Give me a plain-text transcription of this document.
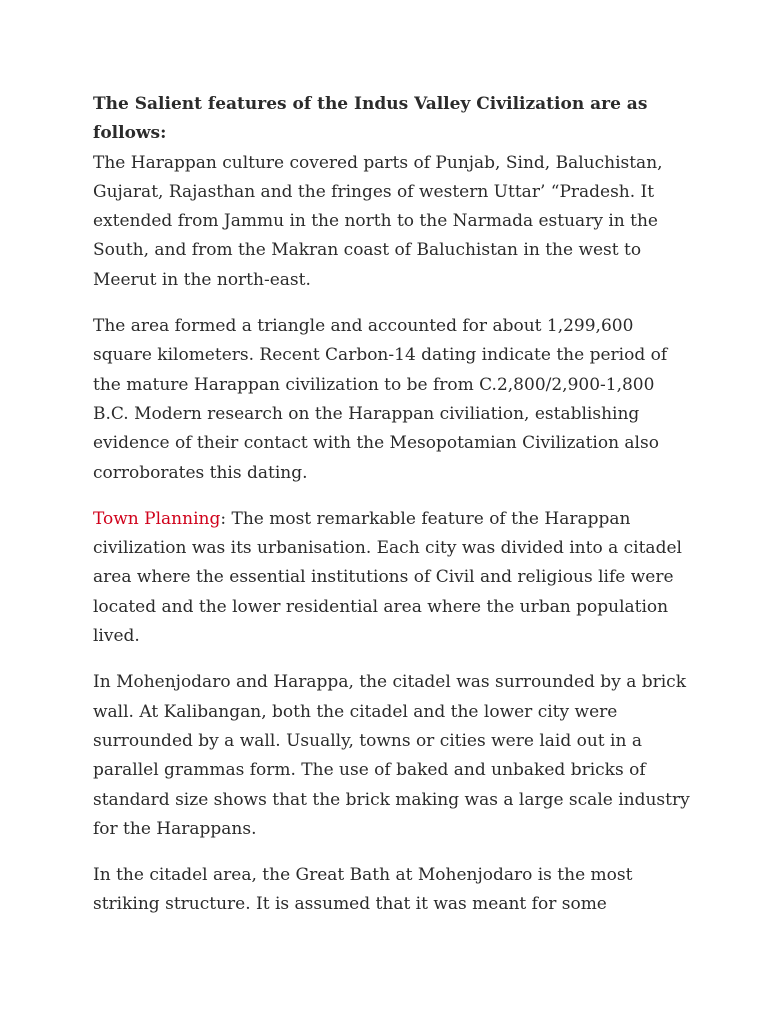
The Salient features of the Indus Valley Civilization are as follows:

The Harappan culture covered parts of Punjab, Sind, Baluchistan, Gujarat, Rajasthan and the fringes of western Uttar’ “Pradesh. It extended from Jammu in the north to the Narmada estuary in the South, and from the Makran coast of Baluchistan in the west to Meerut in the north-east.

The area formed a triangle and accounted for about 1,299,600 square kilometers. Recent Carbon-14 dating indicate the period of the mature Harappan civilization to be from C.2,800/2,900-1,800 B.C. Modern research on the Harappan civiliation, establishing evidence of their contact with the Mesopotamian Civilization also corroborates this dating.

Town Planning: The most remarkable feature of the Harappan civilization was its urbanisation. Each city was divided into a citadel area where the essential institutions of Civil and religious life were located and the lower residential area where the urban population lived.

In Mohenjodaro and Harappa, the citadel was surrounded by a brick wall. At Kalibangan, both the citadel and the lower city were surrounded by a wall. Usually, towns or cities were laid out in a parallel grammas form. The use of baked and unbaked bricks of standard size shows that the brick making was a large scale industry for the Harappans.

In the citadel area, the Great Bath at Mohenjodaro is the most striking structure. It is assumed that it was meant for some
